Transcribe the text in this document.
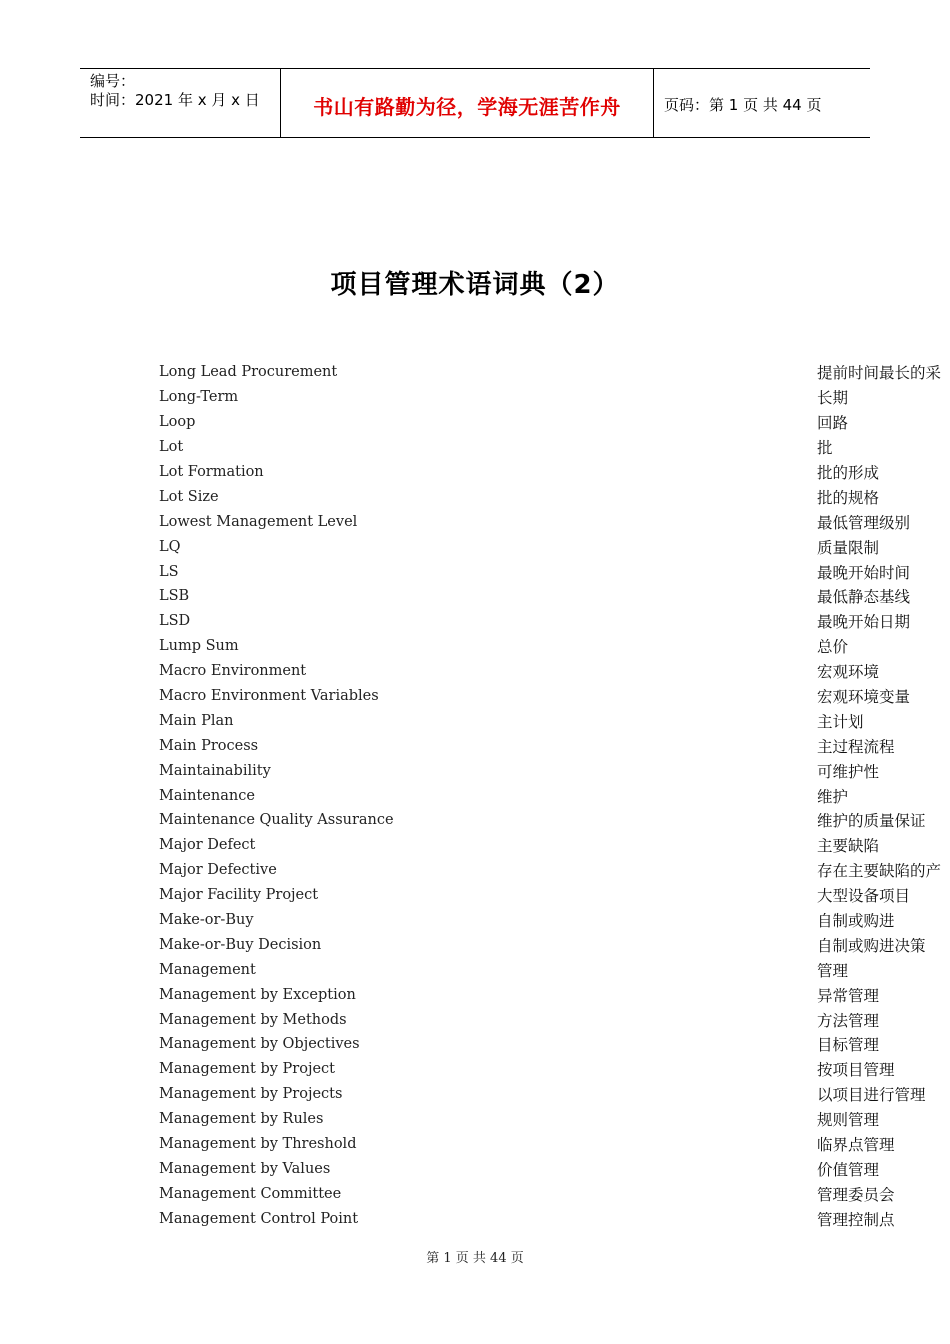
编号：
时间：2021 年 x 月 x 日	书山有路勤为径，学海无涯苦作舟	页码：第 1 页 共 44 页
项目管理术语词典（2）
Long Lead Procurement	提前时间最长的采
Long-Term	长期
Loop	回路
Lot	批
Lot Formation	批的形成
Lot Size	批的规格
Lowest Management Level	最低管理级别
LQ	质量限制
LS	最晚开始时间
LSB	最低静态基线
LSD	最晚开始日期
Lump Sum	总价
Macro Environment	宏观环境
Macro Environment Variables	宏观环境变量
Main Plan	主计划
Main Process	主过程流程
Maintainability	可维护性
Maintenance	维护
Maintenance Quality Assurance	维护的质量保证
Major Defect	主要缺陷
Major Defective	存在主要缺陷的产
Major Facility Project	大型设备项目
Make-or-Buy	自制或购进
Make-or-Buy Decision	自制或购进决策
Management	管理
Management by Exception	异常管理
Management by Methods	方法管理
Management by Objectives	目标管理
Management by Project	按项目管理
Management by Projects	以项目进行管理
Management by Rules	规则管理
Management by Threshold	临界点管理
Management by Values	价值管理
Management Committee	管理委员会
Management Control Point	管理控制点
第 1 页 共 44 页
